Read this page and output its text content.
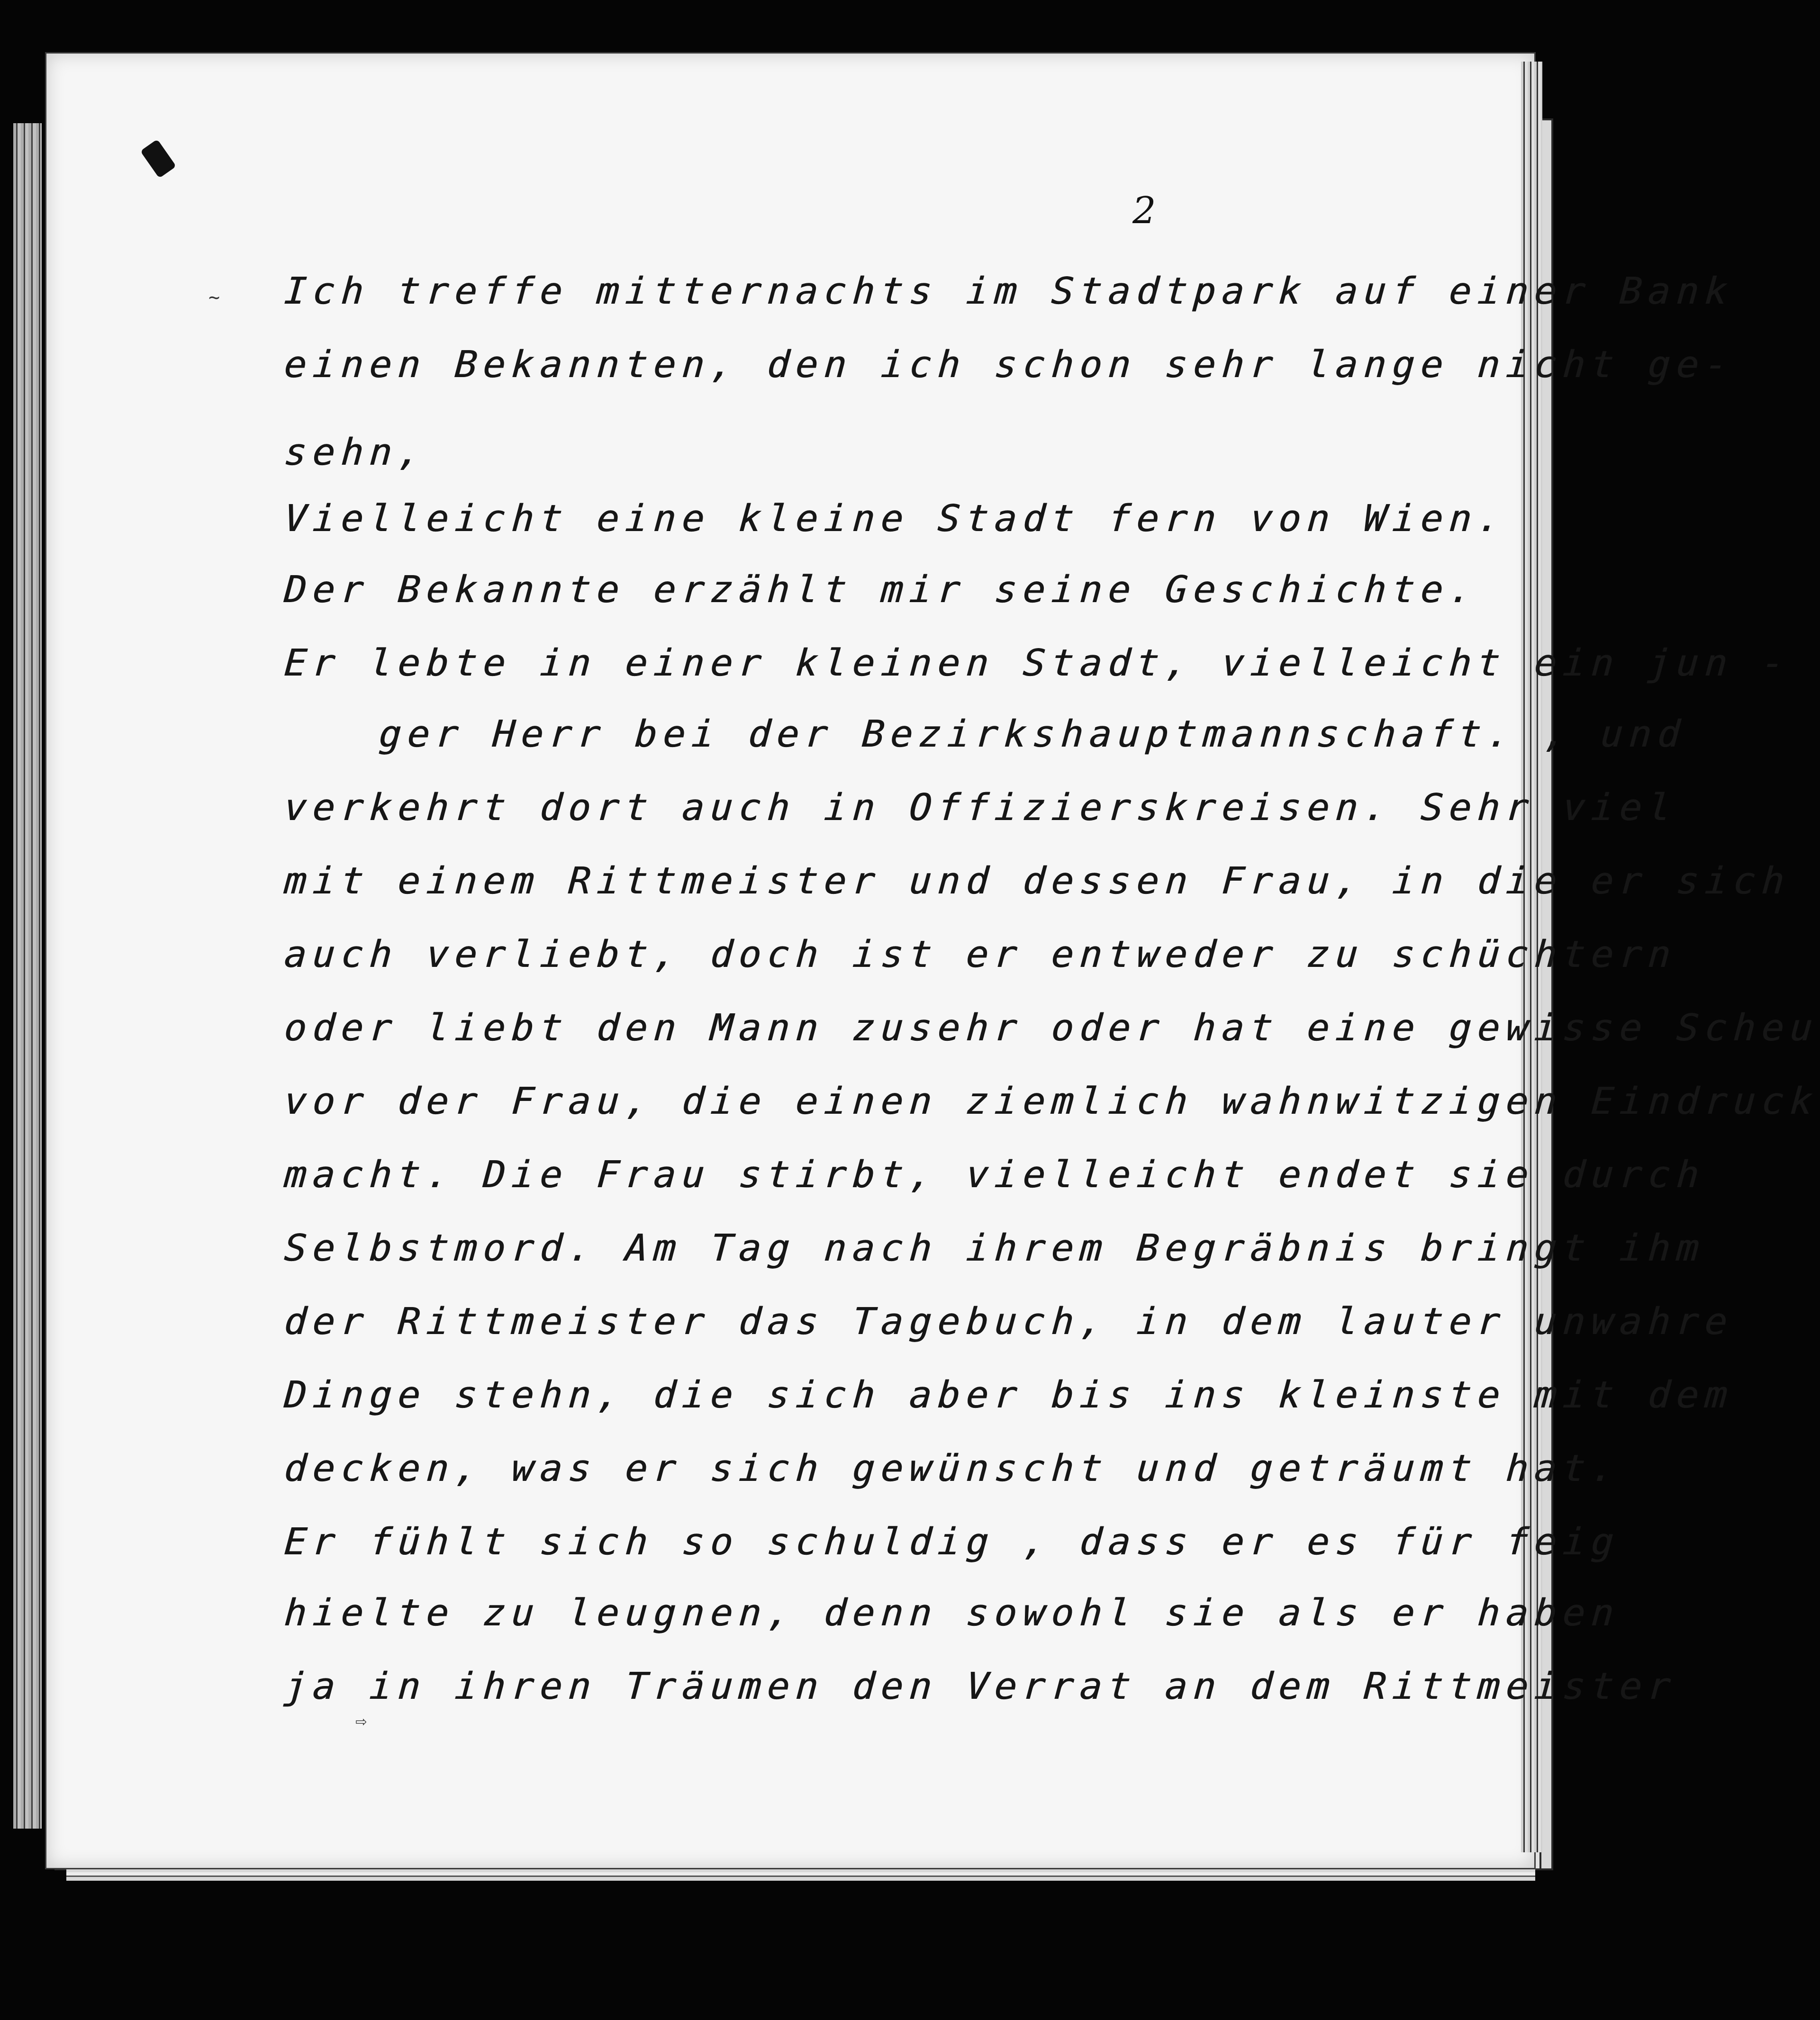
~
⇨
2
Ich treffe mitternachts im Stadtpark auf einer Bank
einen Bekannten, den ich schon sehr lange nicht ge-
sehn,
Vielleicht eine kleine Stadt fern von Wien.
Der Bekannte erzählt mir seine Geschichte.
Er lebte in einer kleinen Stadt, vielleicht ein jun -
ger Herr bei der Bezirkshauptmannschaft. , und
verkehrt dort auch in Offizierskreisen. Sehr viel
mit einem Rittmeister und dessen Frau, in die er sich
auch verliebt, doch ist er entweder zu schüchtern
oder liebt den Mann zusehr oder hat eine gewisse Scheu
vor der Frau, die einen ziemlich wahnwitzigen Eindruck
macht. Die Frau stirbt, vielleicht endet sie durch
Selbstmord. Am Tag nach ihrem Begräbnis bringt ihm
der Rittmeister das Tagebuch, in dem lauter unwahre
Dinge stehn, die sich aber bis ins kleinste mit dem
decken, was er sich gewünscht und geträumt hat.
Er fühlt sich so schuldig , dass er es für feig
hielte zu leugnen, denn sowohl sie als er haben
ja in ihren Träumen den Verrat an dem Rittmeister
